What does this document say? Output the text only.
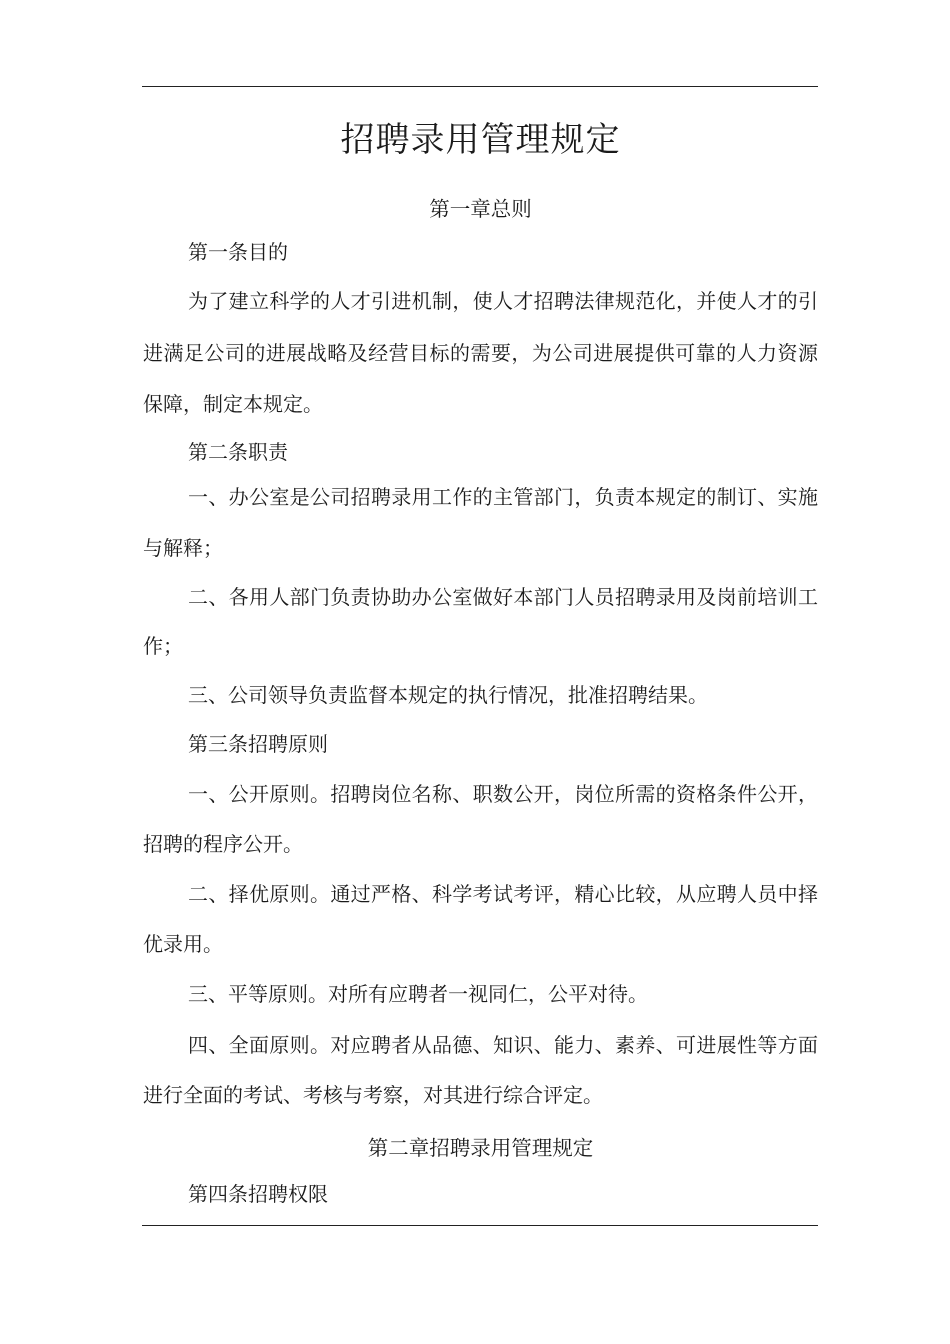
招聘录用管理规定
第一章总则
第一条目的
为了建立科学的人才引进机制，使人才招聘法律规范化，并使人才的引
进满足公司的进展战略及经营目标的需要，为公司进展提供可靠的人力资源
保障，制定本规定。
第二条职责
一、办公室是公司招聘录用工作的主管部门，负责本规定的制订、实施
与解释；
二、各用人部门负责协助办公室做好本部门人员招聘录用及岗前培训工
作；
三、公司领导负责监督本规定的执行情况，批准招聘结果。
第三条招聘原则
一、公开原则。招聘岗位名称、职数公开，岗位所需的资格条件公开，
招聘的程序公开。
二、择优原则。通过严格、科学考试考评，精心比较，从应聘人员中择
优录用。
三、平等原则。对所有应聘者一视同仁，公平对待。
四、全面原则。对应聘者从品德、知识、能力、素养、可进展性等方面
进行全面的考试、考核与考察，对其进行综合评定。
第二章招聘录用管理规定
第四条招聘权限
